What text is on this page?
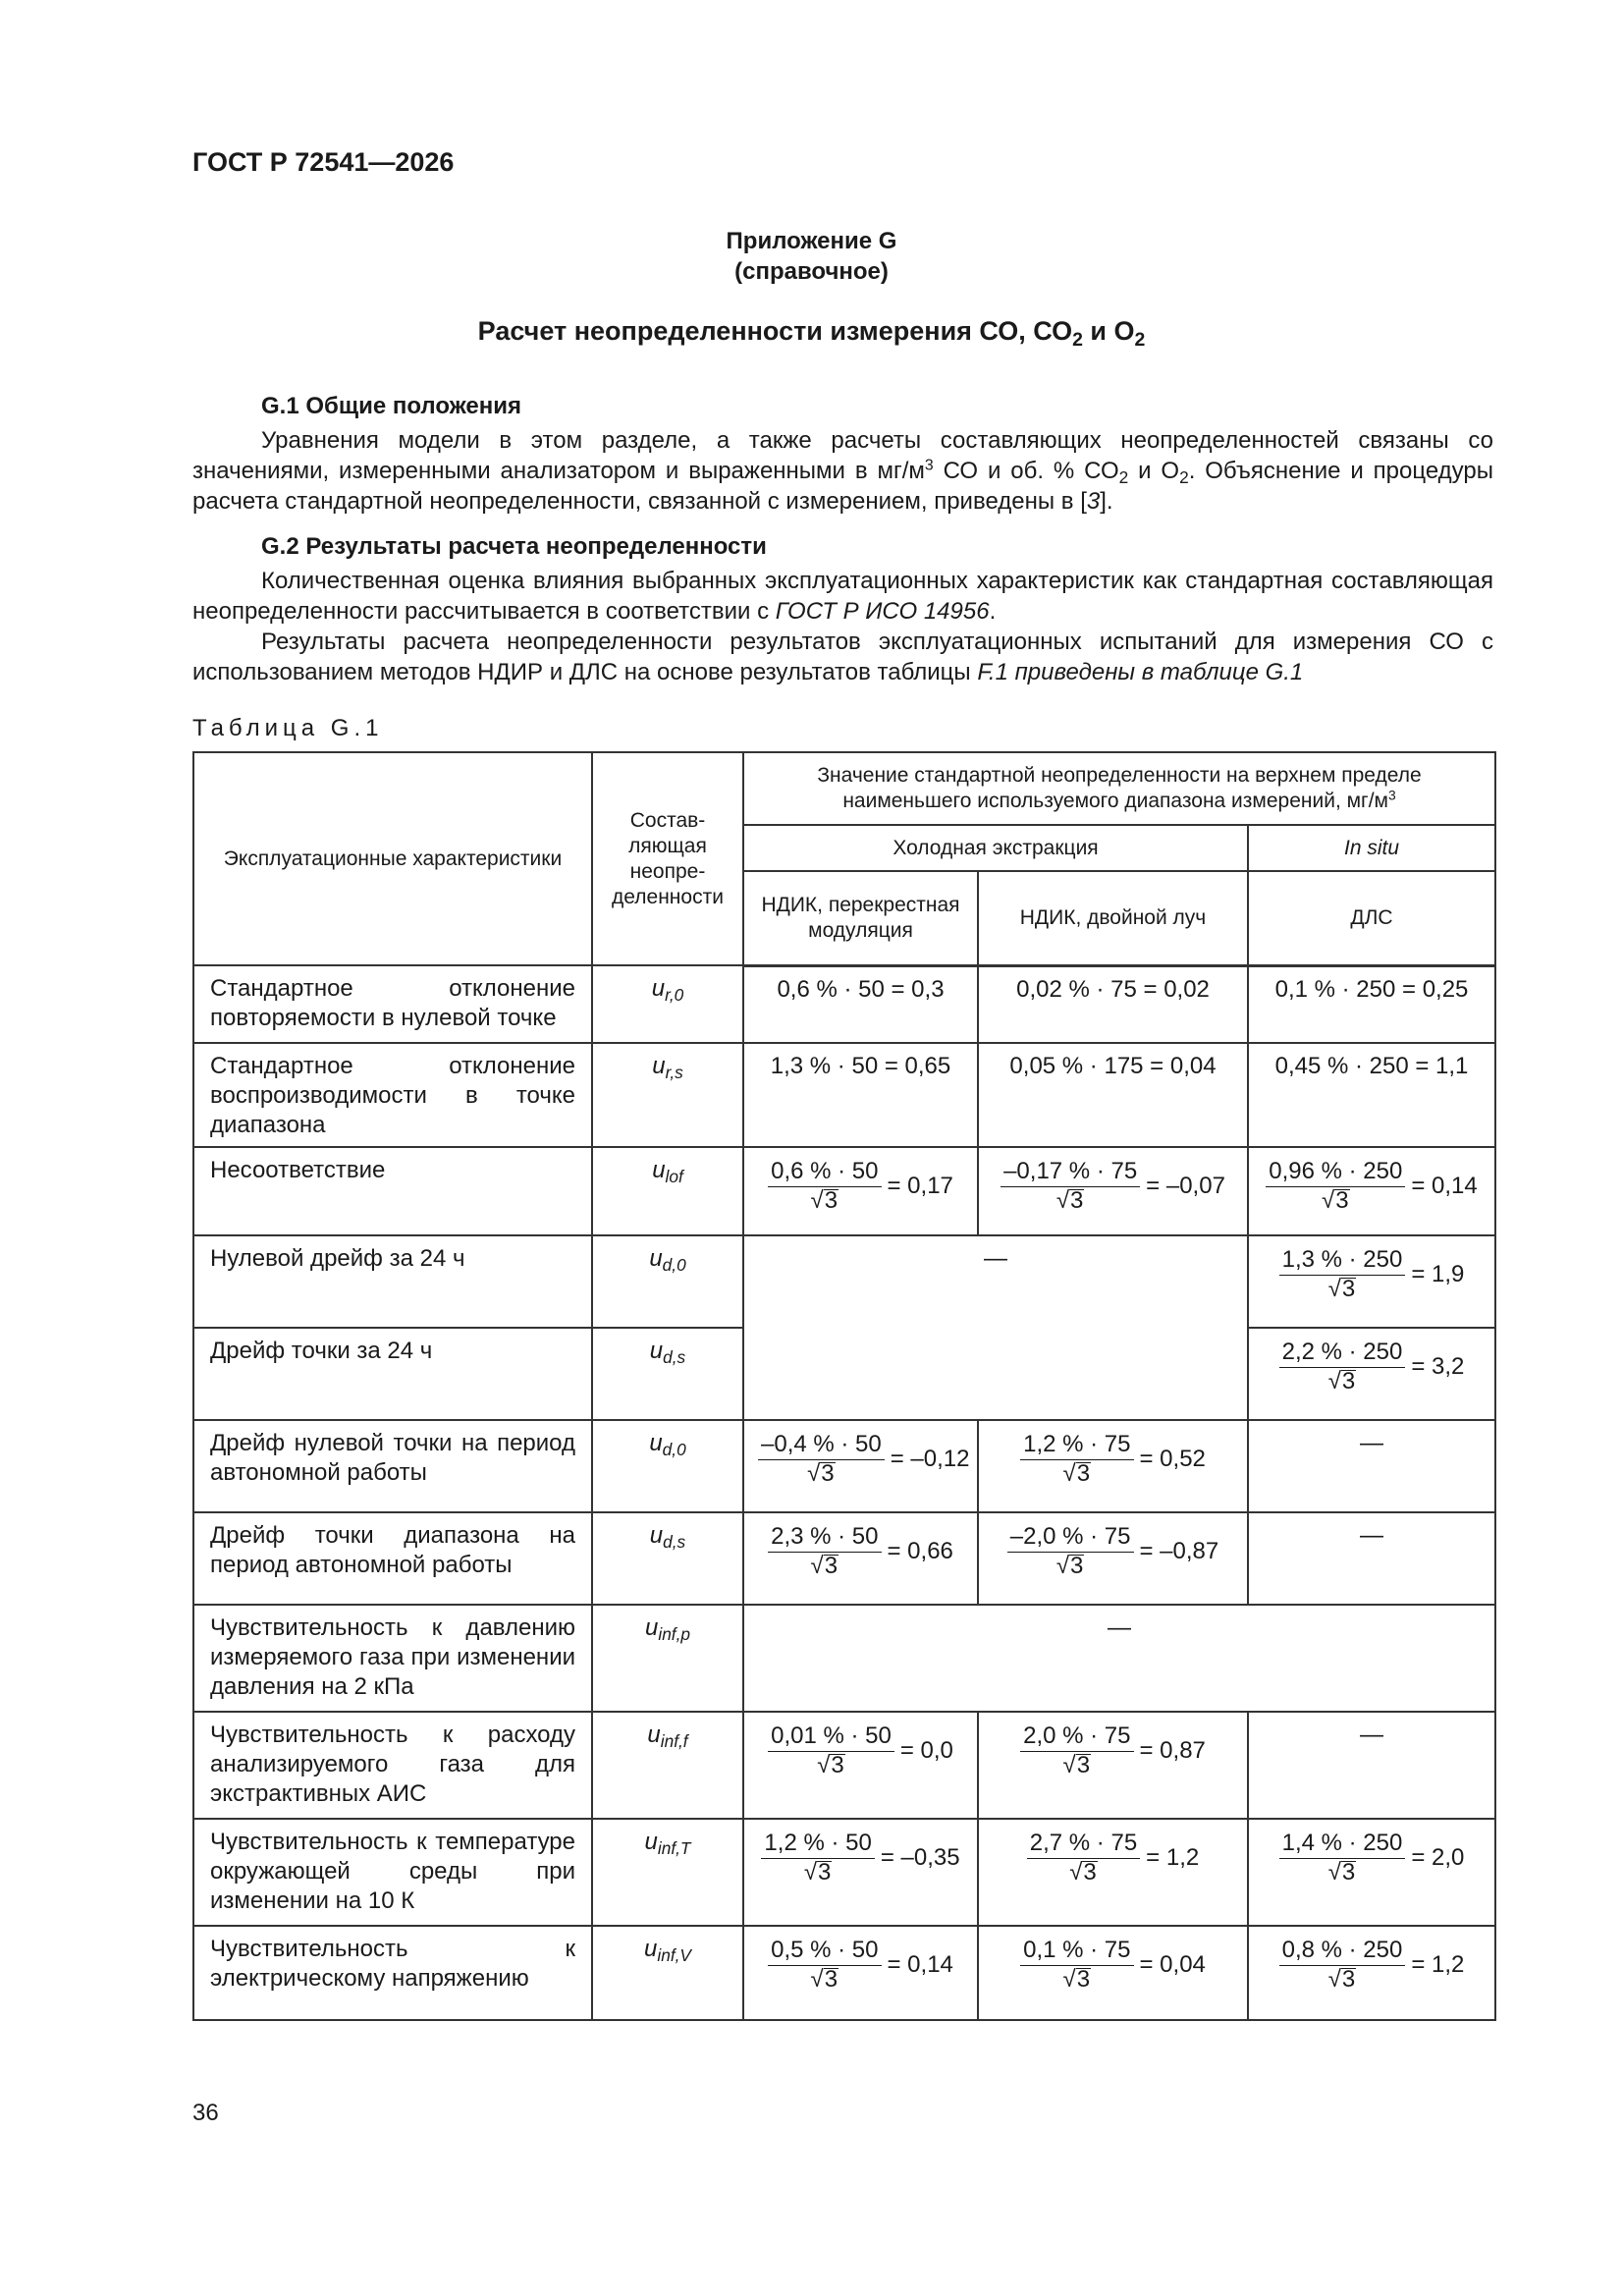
ГОСТ Р 72541—2026
Приложение G
(справочное)
Расчет неопределенности измерения СО, $СО_2$ и $O_2$
G.1 Общие положения
Уравнения модели в этом разделе, а также расчеты составляющих неопределенностей связаны со значениями, измеренными анализатором и выраженными в $мг/м^3$ СО и об. % $СО_2$ и $О_2$. Объяснение и процедуры расчета стандартной неопределенности, связанной с измерением, приведены в [3].
G.2 Результаты расчета неопределенности
Количественная оценка влияния выбранных эксплуатационных характеристик как стандартная составляющая неопределенности рассчитывается в соответствии с ГОСТ Р ИСО 14956.
Результаты расчета неопределенности результатов эксплуатационных испытаний для измерения СО с использованием методов НДИР и ДЛС на основе результатов таблицы F.1 приведены в таблице G.1
Таблица G.1
Эксплуатационные характеристики	Состав-ляющая неопре-деленности	Значение стандартной неопределенности на верхнем пределе наименьшего используемого диапазона измерений, $мг/м^3$
		Холодная экстракция		In situ
		НДИК, перекрестная модуляция	НДИК, двойной луч	ДЛС
Стандартное отклонение повторяемости в нулевой точке	$u_{r,0}$	0,6 % · 50 = 0,3	0,02 % · 75 = 0,02	0,1 % · 250 = 0,25
Стандартное отклонение воспроизводимости в точке диапазона	$u_{r,s}$	1,3 % · 50 = 0,65	0,05 % · 175 = 0,04	0,45 % · 250 = 1,1
Несоответствие	$u_{lof}$	$\frac{0,6 \% \cdot 50}{√3} = 0,17$	$\frac{-0,17 \% \cdot 75}{√3} = -0,07$	$\frac{0,96 \% \cdot 250}{√3} = 0,14$

Нулевой дрейф за 24 ч	$u_{d,0}$	—		$\frac{1,3 \% \cdot 250}{√3} = 1,9$

Дрейф точки за 24 ч	$u_{d,s}$			$\frac{2,2 \% \cdot 250}{√3} = 3,2$

Дрейф нулевой точки на период автономной работы	$u_{d,0}$	$\frac{-0,4 \% \cdot 50}{√3} = -0,12$	$\frac{1,2 \% \cdot 75}{√3} = 0,52$	—
Дрейф точки диапазона на период автономной работы	$u_{d,s}$	$\frac{2,3 \% \cdot 50}{√3} = 0,66$	$\frac{-2,0 \% \cdot 75}{√3} = -0,87$	—
Чувствительность к давлению измеряемого газа при изменении давления на 2 кПа	$u_{inf,p}$	—		
Чувствительность к расходу анализируемого газа для экстрактивных АИС	$u_{inf,f}$	$\frac{0,01 \% \cdot 50}{√3} = 0,0$	$\frac{2,0 \% \cdot 75}{√3} = 0,87$	—
Чувствительность к температуре окружающей среды при изменении на 10 К	$u_{inf,T}$	$\frac{1,2 \% \cdot 50}{√3} = -0,35$	$\frac{2,7 \% \cdot 75}{√3} = 1,2$	$\frac{1,4 \% \cdot 250}{√3} = 2,0$

Чувствительность к электрическому напряжению	$u_{inf,V}$	$\frac{0,5 \% \cdot 50}{√3} = 0,14$	$\frac{0,1 \% \cdot 75}{√3} = 0,04$	$\frac{0,8 \% \cdot 250}{√3} = 1,2$
36
